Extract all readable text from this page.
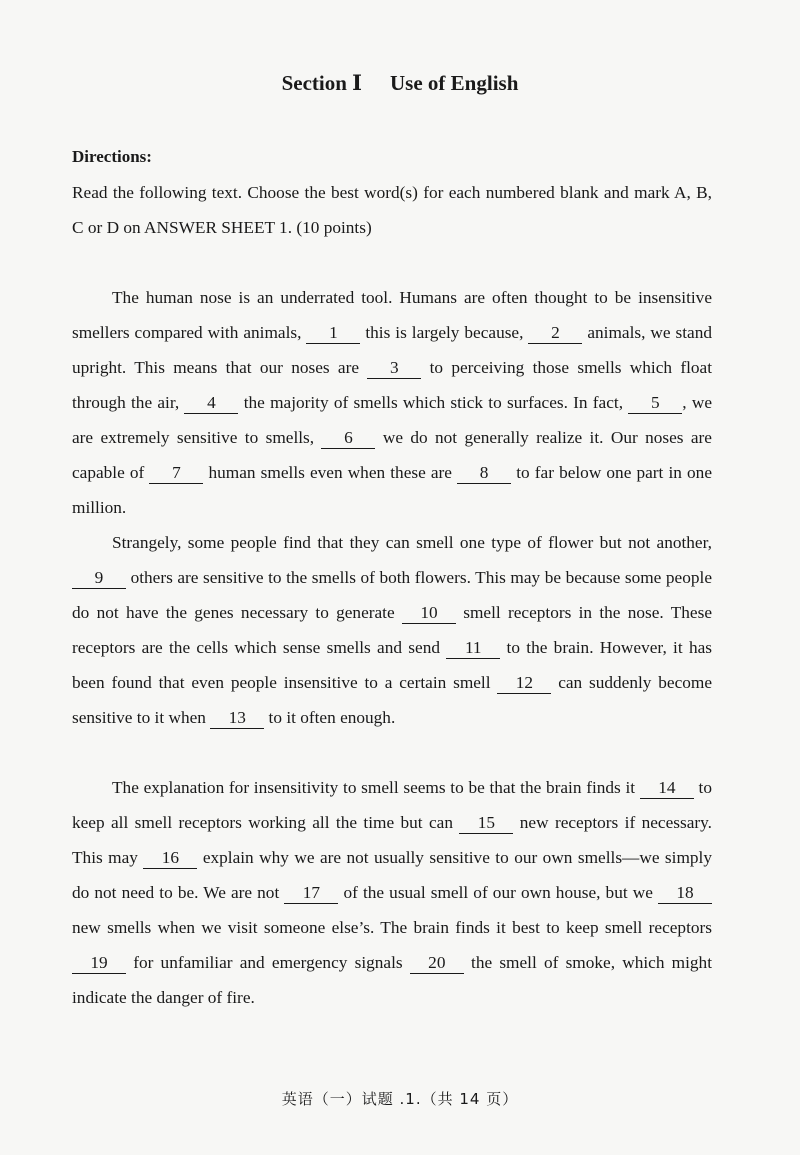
Section Ⅰ Use of English
Directions:
Read the following text. Choose the best word(s) for each numbered blank and mark A, B, C or D on ANSWER SHEET 1. (10 points)
The human nose is an underrated tool. Humans are often thought to be insensitive smellers compared with animals, 1 this is largely because, 2 animals, we stand upright. This means that our noses are 3 to perceiving those smells which float through the air, 4 the majority of smells which stick to surfaces. In fact, 5 , we are extremely sensitive to smells, 6 we do not generally realize it. Our noses are capable of 7 human smells even when these are 8 to far below one part in one million.
Strangely, some people find that they can smell one type of flower but not another, 9 others are sensitive to the smells of both flowers. This may be because some people do not have the genes necessary to generate 10 smell receptors in the nose. These receptors are the cells which sense smells and send 11 to the brain. However, it has been found that even people insensitive to a certain smell 12 can suddenly become sensitive to it when 13 to it often enough.
The explanation for insensitivity to smell seems to be that the brain finds it 14 to keep all smell receptors working all the time but can 15 new receptors if necessary. This may 16 explain why we are not usually sensitive to our own smells—we simply do not need to be. We are not 17 of the usual smell of our own house, but we 18 new smells when we visit someone else’s. The brain finds it best to keep smell receptors 19 for unfamiliar and emergency signals 20 the smell of smoke, which might indicate the danger of fire.
英语（一）试题 .1.（共 14 页）
